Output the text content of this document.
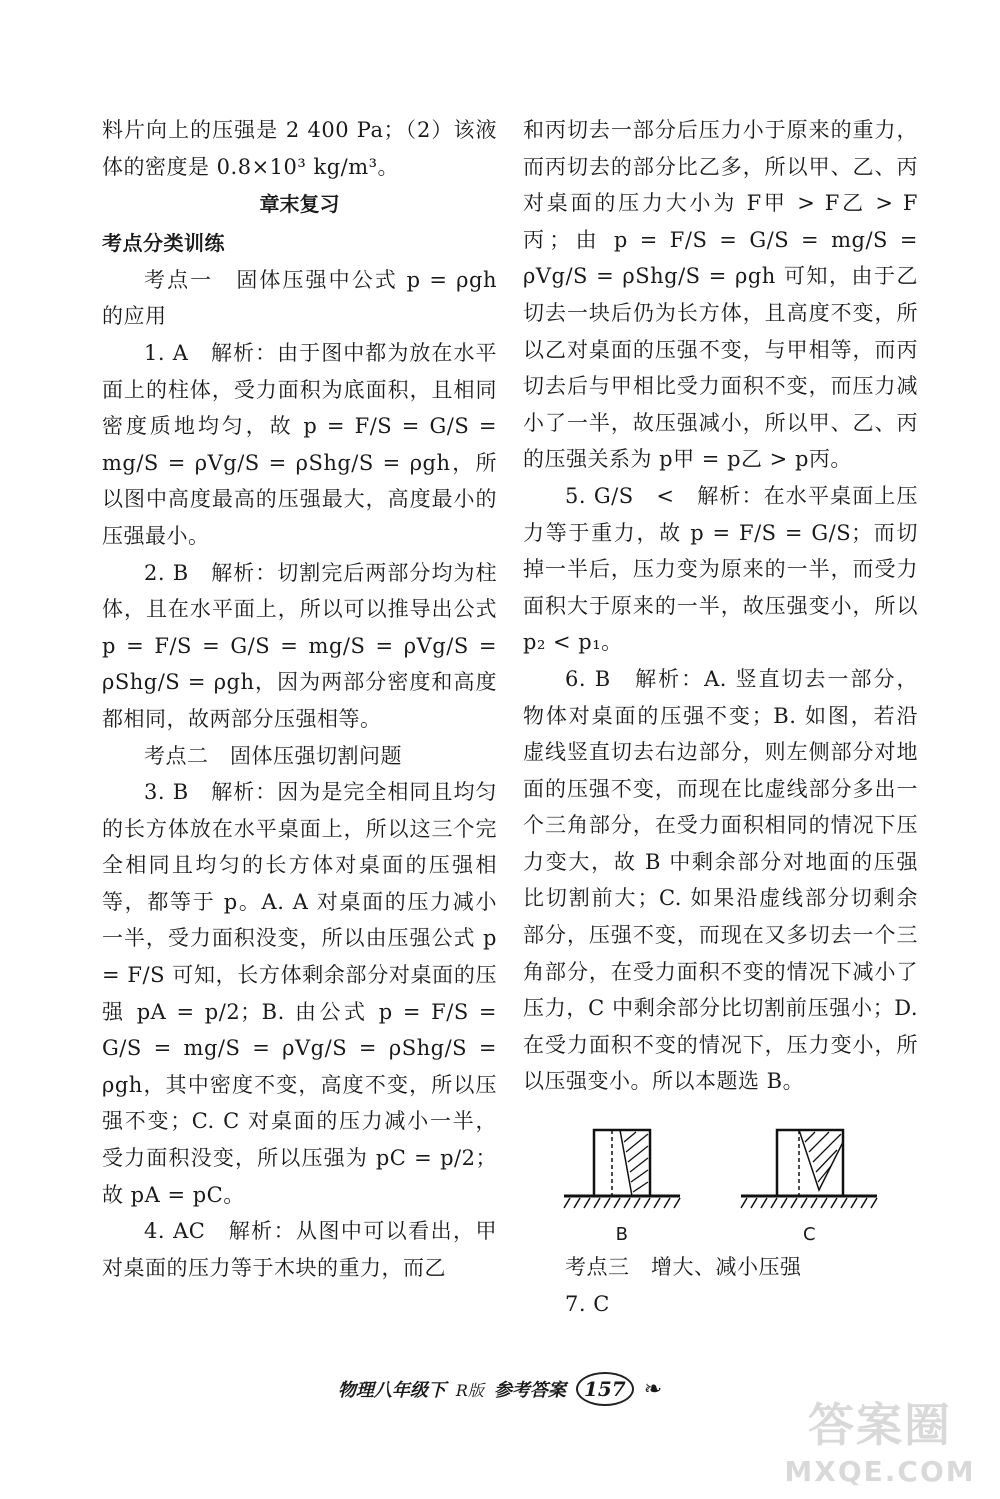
料片向上的压强是 2 400 Pa；（2）该液体的密度是 0.8×10³ kg/m³。

章末复习

考点分类训练

考点一　固体压强中公式 p = ρgh 的应用

1. A　解析：由于图中都为放在水平面上的柱体，受力面积为底面积，且相同密度质地均匀，故 p = F/S = G/S = mg/S = ρVg/S = ρShg/S = ρgh，所以图中高度最高的压强最大，高度最小的压强最小。

2. B　解析：切割完后两部分均为柱体，且在水平面上，所以可以推导出公式 p = F/S = G/S = mg/S = ρVg/S = ρShg/S = ρgh，因为两部分密度和高度都相同，故两部分压强相等。

考点二　固体压强切割问题

3. B　解析：因为是完全相同且均匀的长方体放在水平桌面上，所以这三个完全相同且均匀的长方体对桌面的压强相等，都等于 p。A. A 对桌面的压力减小一半，受力面积没变，所以由压强公式 p = F/S 可知，长方体剩余部分对桌面的压强 pA = p/2；B. 由公式 p = F/S = G/S = mg/S = ρVg/S = ρShg/S = ρgh，其中密度不变，高度不变，所以压强不变；C. C 对桌面的压力减小一半，受力面积没变，所以压强为 pC = p/2；故 pA = pC。

4. AC　解析：从图中可以看出，甲对桌面的压力等于木块的重力，而乙

和丙切去一部分后压力小于原来的重力，而丙切去的部分比乙多，所以甲、乙、丙对桌面的压力大小为 F甲 > F乙 > F丙；由 p = F/S = G/S = mg/S = ρVg/S = ρShg/S = ρgh 可知，由于乙切去一块后仍为长方体，且高度不变，所以乙对桌面的压强不变，与甲相等，而丙切去后与甲相比受力面积不变，而压力减小了一半，故压强减小，所以甲、乙、丙的压强关系为 p甲 = p乙 > p丙。

5. G/S　<　解析：在水平桌面上压力等于重力，故 p = F/S = G/S；而切掉一半后，压力变为原来的一半，而受力面积大于原来的一半，故压强变小，所以 p₂ < p₁。

6. B　解析：A. 竖直切去一部分，物体对桌面的压强不变；B. 如图，若沿虚线竖直切去右边部分，则左侧部分对地面的压强不变，而现在比虚线部分多出一个三角部分，在受力面积相同的情况下压力变大，故 B 中剩余部分对地面的压强比切割前大；C. 如果沿虚线部分切剩余部分，压强不变，而现在又多切去一个三角部分，在受力面积不变的情况下减小了压力，C 中剩余部分比切割前压强小；D. 在受力面积不变的情况下，压力变小，所以压强变小。所以本题选 B。

B	C

考点三　增大、减小压强

7. C

物理八年级下 R版 参考答案 157 ❧
答案圈
MXQE.COM
